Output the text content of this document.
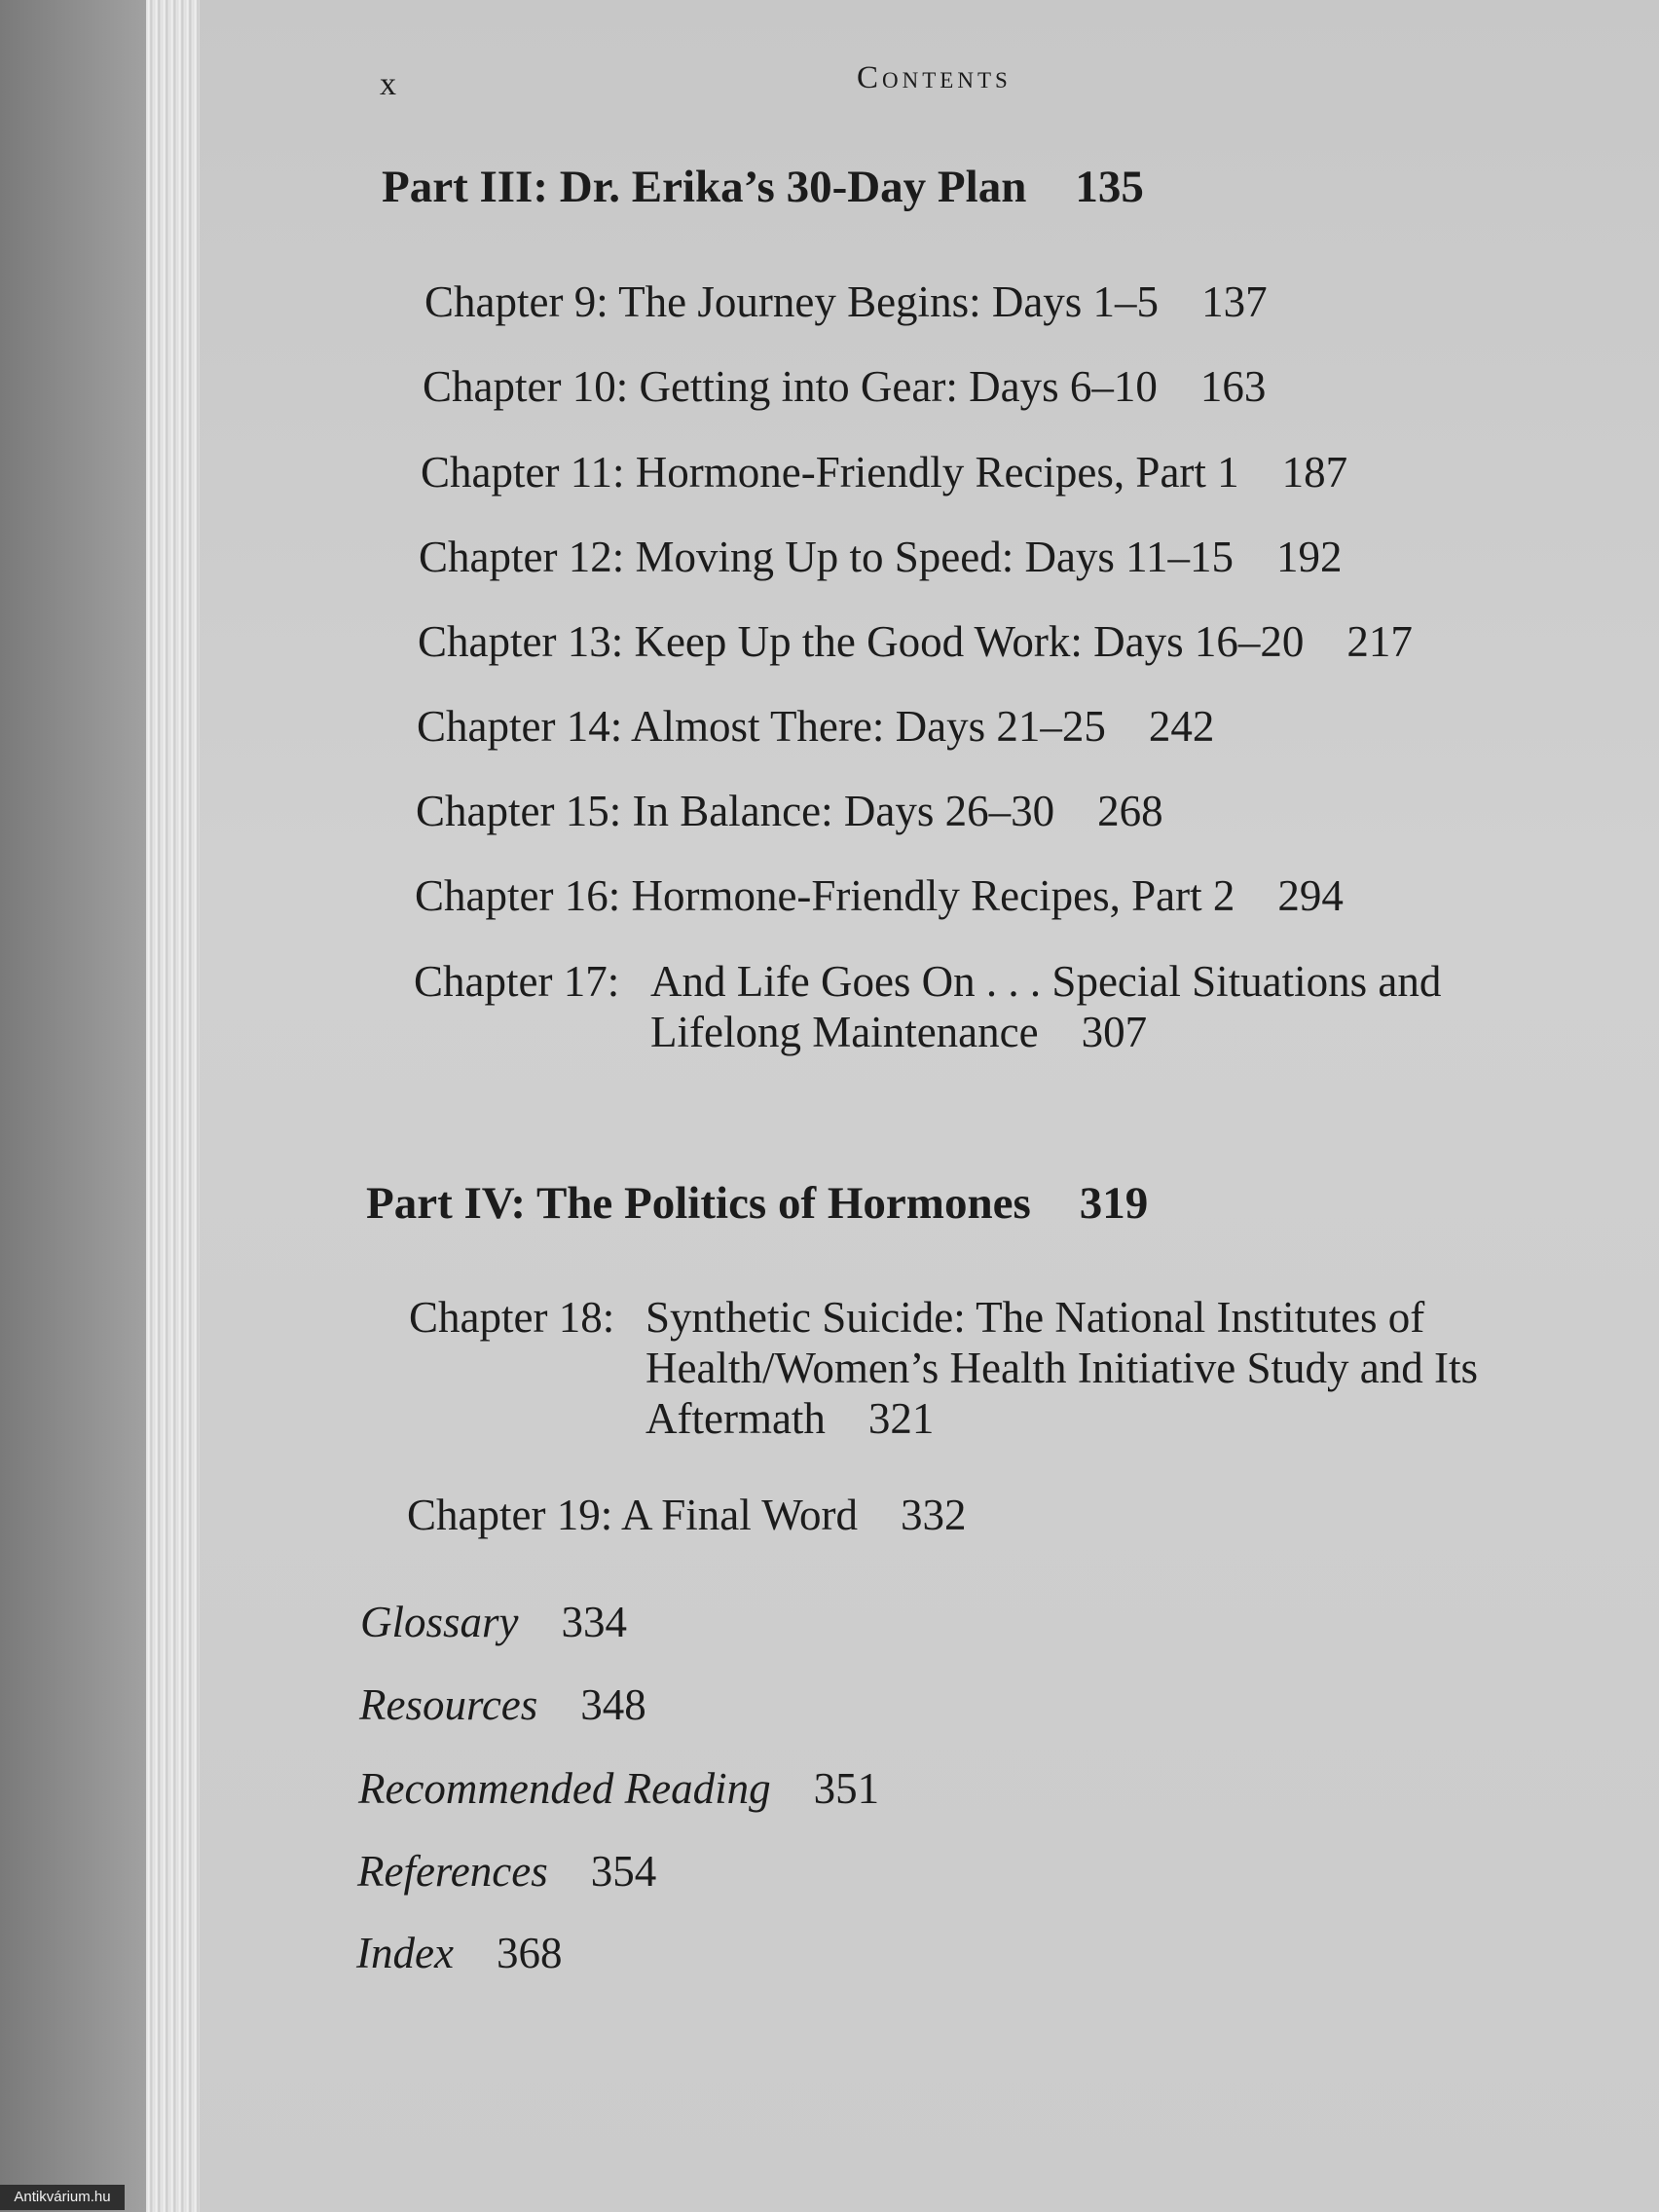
x	Contents

Part III: Dr. Erika’s 30-Day Plan 135

Chapter 9: The Journey Begins: Days 1–5 137

Chapter 10: Getting into Gear: Days 6–10 163

Chapter 11: Hormone-Friendly Recipes, Part 1 187

Chapter 12: Moving Up to Speed: Days 11–15 192

Chapter 13: Keep Up the Good Work: Days 16–20 217

Chapter 14: Almost There: Days 21–25 242

Chapter 15: In Balance: Days 26–30 268

Chapter 16: Hormone-Friendly Recipes, Part 2 294

Chapter 17: And Life Goes On . . . Special Situations and
Lifelong Maintenance 307

Part IV: The Politics of Hormones 319

Chapter 18: Synthetic Suicide: The National Institutes of
Health/Women’s Health Initiative Study and Its
Aftermath 321

Chapter 19: A Final Word 332

Glossary 334

Resources 348

Recommended Reading 351

References 354

Index 368

Antikvárium.hu
